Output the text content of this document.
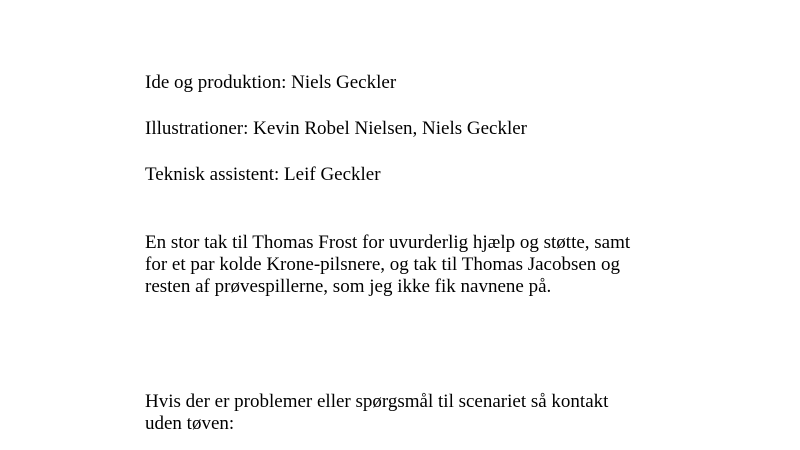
Ide og produktion: Niels Geckler

Illustrationer: Kevin Robel Nielsen, Niels Geckler

Teknisk assistent: Leif Geckler

En stor tak til Thomas Frost for uvurderlig hjælp og støtte, samt
for et par kolde Krone-pilsnere, og tak til Thomas Jacobsen og
resten af prøvespillerne, som jeg ikke fik navnene på.
Hvis der er problemer eller spørgsmål til scenariet så kontakt
uden tøven:
